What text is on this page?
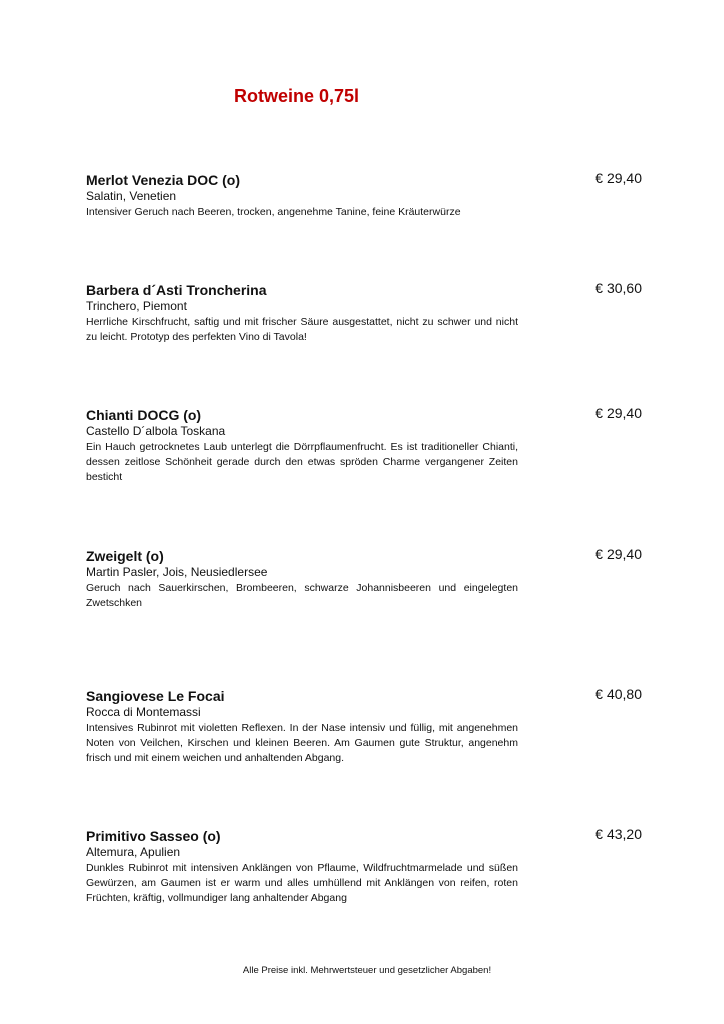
Rotweine 0,75l

Merlot Venezia DOC (o)

Salatin, Venetien

Intensiver Geruch nach Beeren, trocken, angenehme Tanine, feine Kräuterwürze

€ 29,40

Barbera d´Asti Troncherina

Trinchero, Piemont

Herrliche Kirschfrucht, saftig und mit frischer Säure ausgestattet, nicht zu schwer und nicht zu leicht. Prototyp des perfekten Vino di Tavola!

€ 30,60

Chianti DOCG (o)

Castello D´albola Toskana

Ein Hauch getrocknetes Laub unterlegt die Dörrpflaumenfrucht. Es ist traditioneller Chianti, dessen zeitlose Schönheit gerade durch den etwas spröden Charme vergangener Zeiten besticht

€ 29,40

Zweigelt (o)

Martin Pasler, Jois, Neusiedlersee

Geruch nach Sauerkirschen, Brombeeren, schwarze Johannisbeeren und eingelegten Zwetschken

€ 29,40

Sangiovese Le Focai

Rocca di Montemassi

Intensives Rubinrot mit violetten Reflexen. In der Nase intensiv und füllig, mit angenehmen Noten von Veilchen, Kirschen und kleinen Beeren. Am Gaumen gute Struktur, angenehm frisch und mit einem weichen und anhaltenden Abgang.

€ 40,80

Primitivo Sasseo (o)

Altemura, Apulien

Dunkles Rubinrot mit intensiven Anklängen von Pflaume, Wildfruchtmarmelade und süßen Gewürzen, am Gaumen ist er warm und alles umhüllend mit Anklängen von reifen, roten Früchten, kräftig, vollmundiger lang anhaltender Abgang

€ 43,20

Alle Preise inkl. Mehrwertsteuer und gesetzlicher Abgaben!
